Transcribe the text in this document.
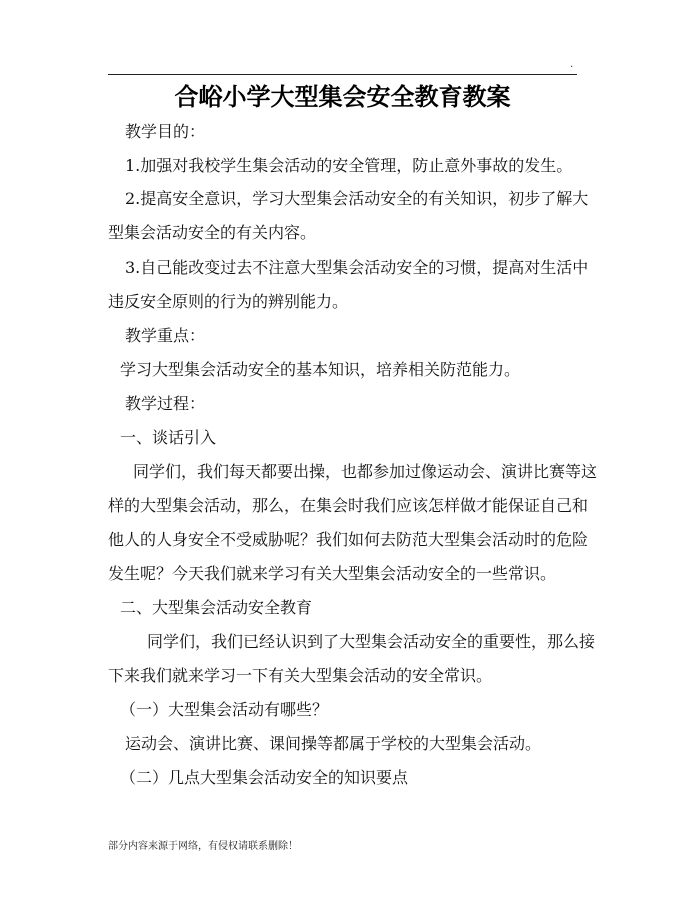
.
合峪小学大型集会安全教育教案
教学目的：
1.加强对我校学生集会活动的安全管理，防止意外事故的发生。
2.提高安全意识，学习大型集会活动安全的有关知识，初步了解大
型集会活动安全的有关内容。
3.自己能改变过去不注意大型集会活动安全的习惯，提高对生活中
违反安全原则的行为的辨别能力。
教学重点：
学习大型集会活动安全的基本知识，培养相关防范能力。
教学过程：
一、谈话引入
同学们，我们每天都要出操，也都参加过像运动会、演讲比赛等这
样的大型集会活动，那么，在集会时我们应该怎样做才能保证自己和
他人的人身安全不受威胁呢？我们如何去防范大型集会活动时的危险
发生呢？今天我们就来学习有关大型集会活动安全的一些常识。
二、大型集会活动安全教育
同学们，我们已经认识到了大型集会活动安全的重要性，那么接
下来我们就来学习一下有关大型集会活动的安全常识。
（一）大型集会活动有哪些？
运动会、演讲比赛、课间操等都属于学校的大型集会活动。
（二）几点大型集会活动安全的知识要点
部分内容来源于网络，有侵权请联系删除！
